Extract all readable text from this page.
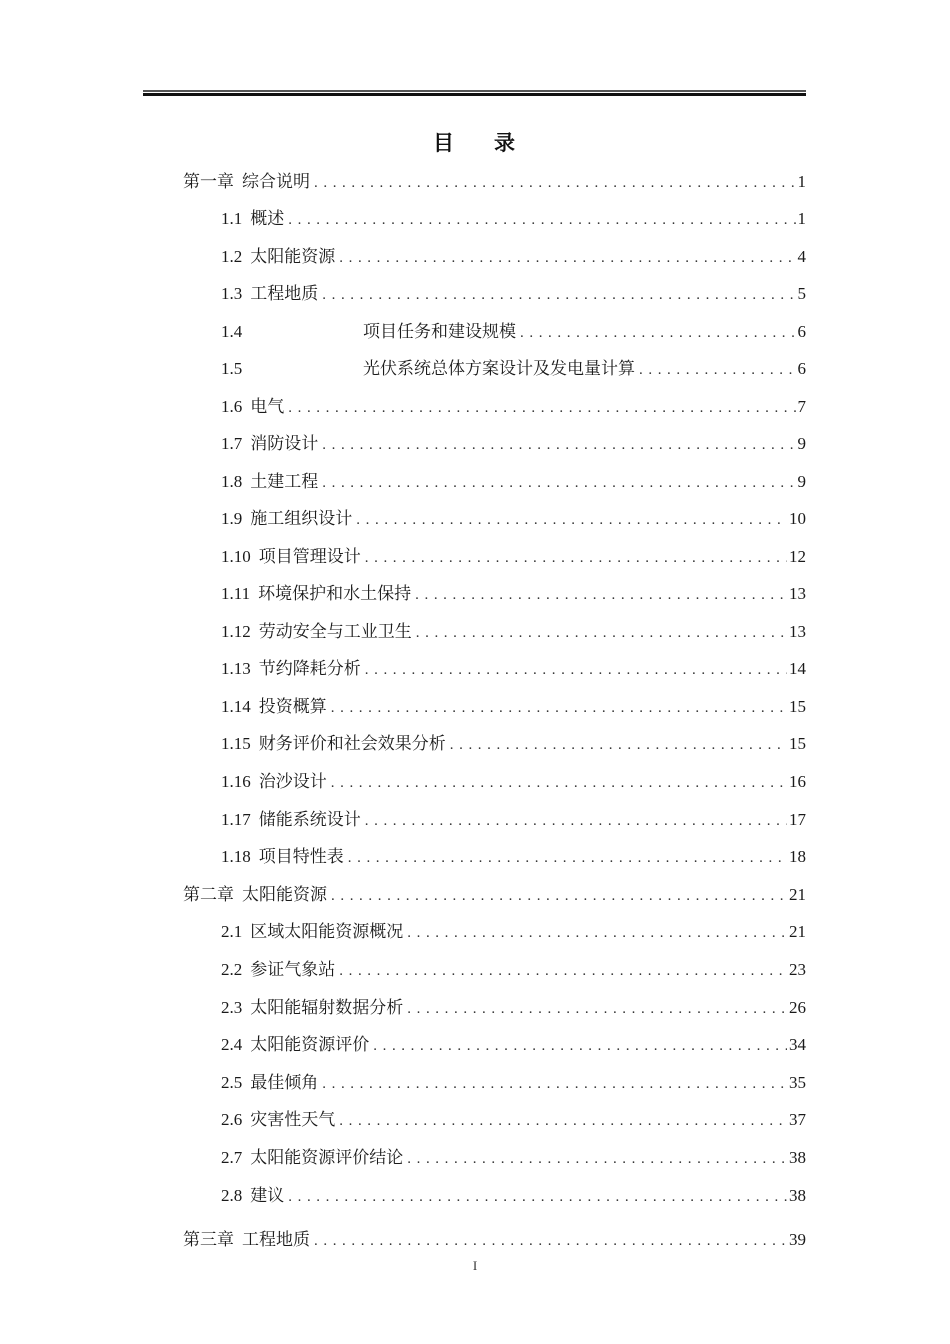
目 录
第一章 综合说明 .....	1
1.1 概述 .....	1
1.2 太阳能资源 .....	4
1.3 工程地质 .....	5
1.4	项目任务和建设规模 .....	6
1.5	光伏系统总体方案设计及发电量计算 .....	6
1.6 电气 .....	7
1.7 消防设计 .....	9
1.8 土建工程 .....	9
1.9 施工组织设计 .....	10
1.10 项目管理设计 .....	12
1.11 环境保护和水土保持 .....	13
1.12 劳动安全与工业卫生 .....	13
1.13 节约降耗分析 .....	14
1.14 投资概算 .....	15
1.15 财务评价和社会效果分析 .....	15
1.16 治沙设计 .....	16
1.17 储能系统设计 .....	17
1.18 项目特性表 .....	18
第二章 太阳能资源 .....	21
2.1 区域太阳能资源概况 .....	21
2.2 参证气象站 .....	23
2.3 太阳能辐射数据分析 .....	26
2.4 太阳能资源评价 .....	34
2.5 最佳倾角 .....	35
2.6 灾害性天气 .....	37
2.7 太阳能资源评价结论 .....	38
2.8 建议 .....	38
第三章 工程地质 .....	39
I
